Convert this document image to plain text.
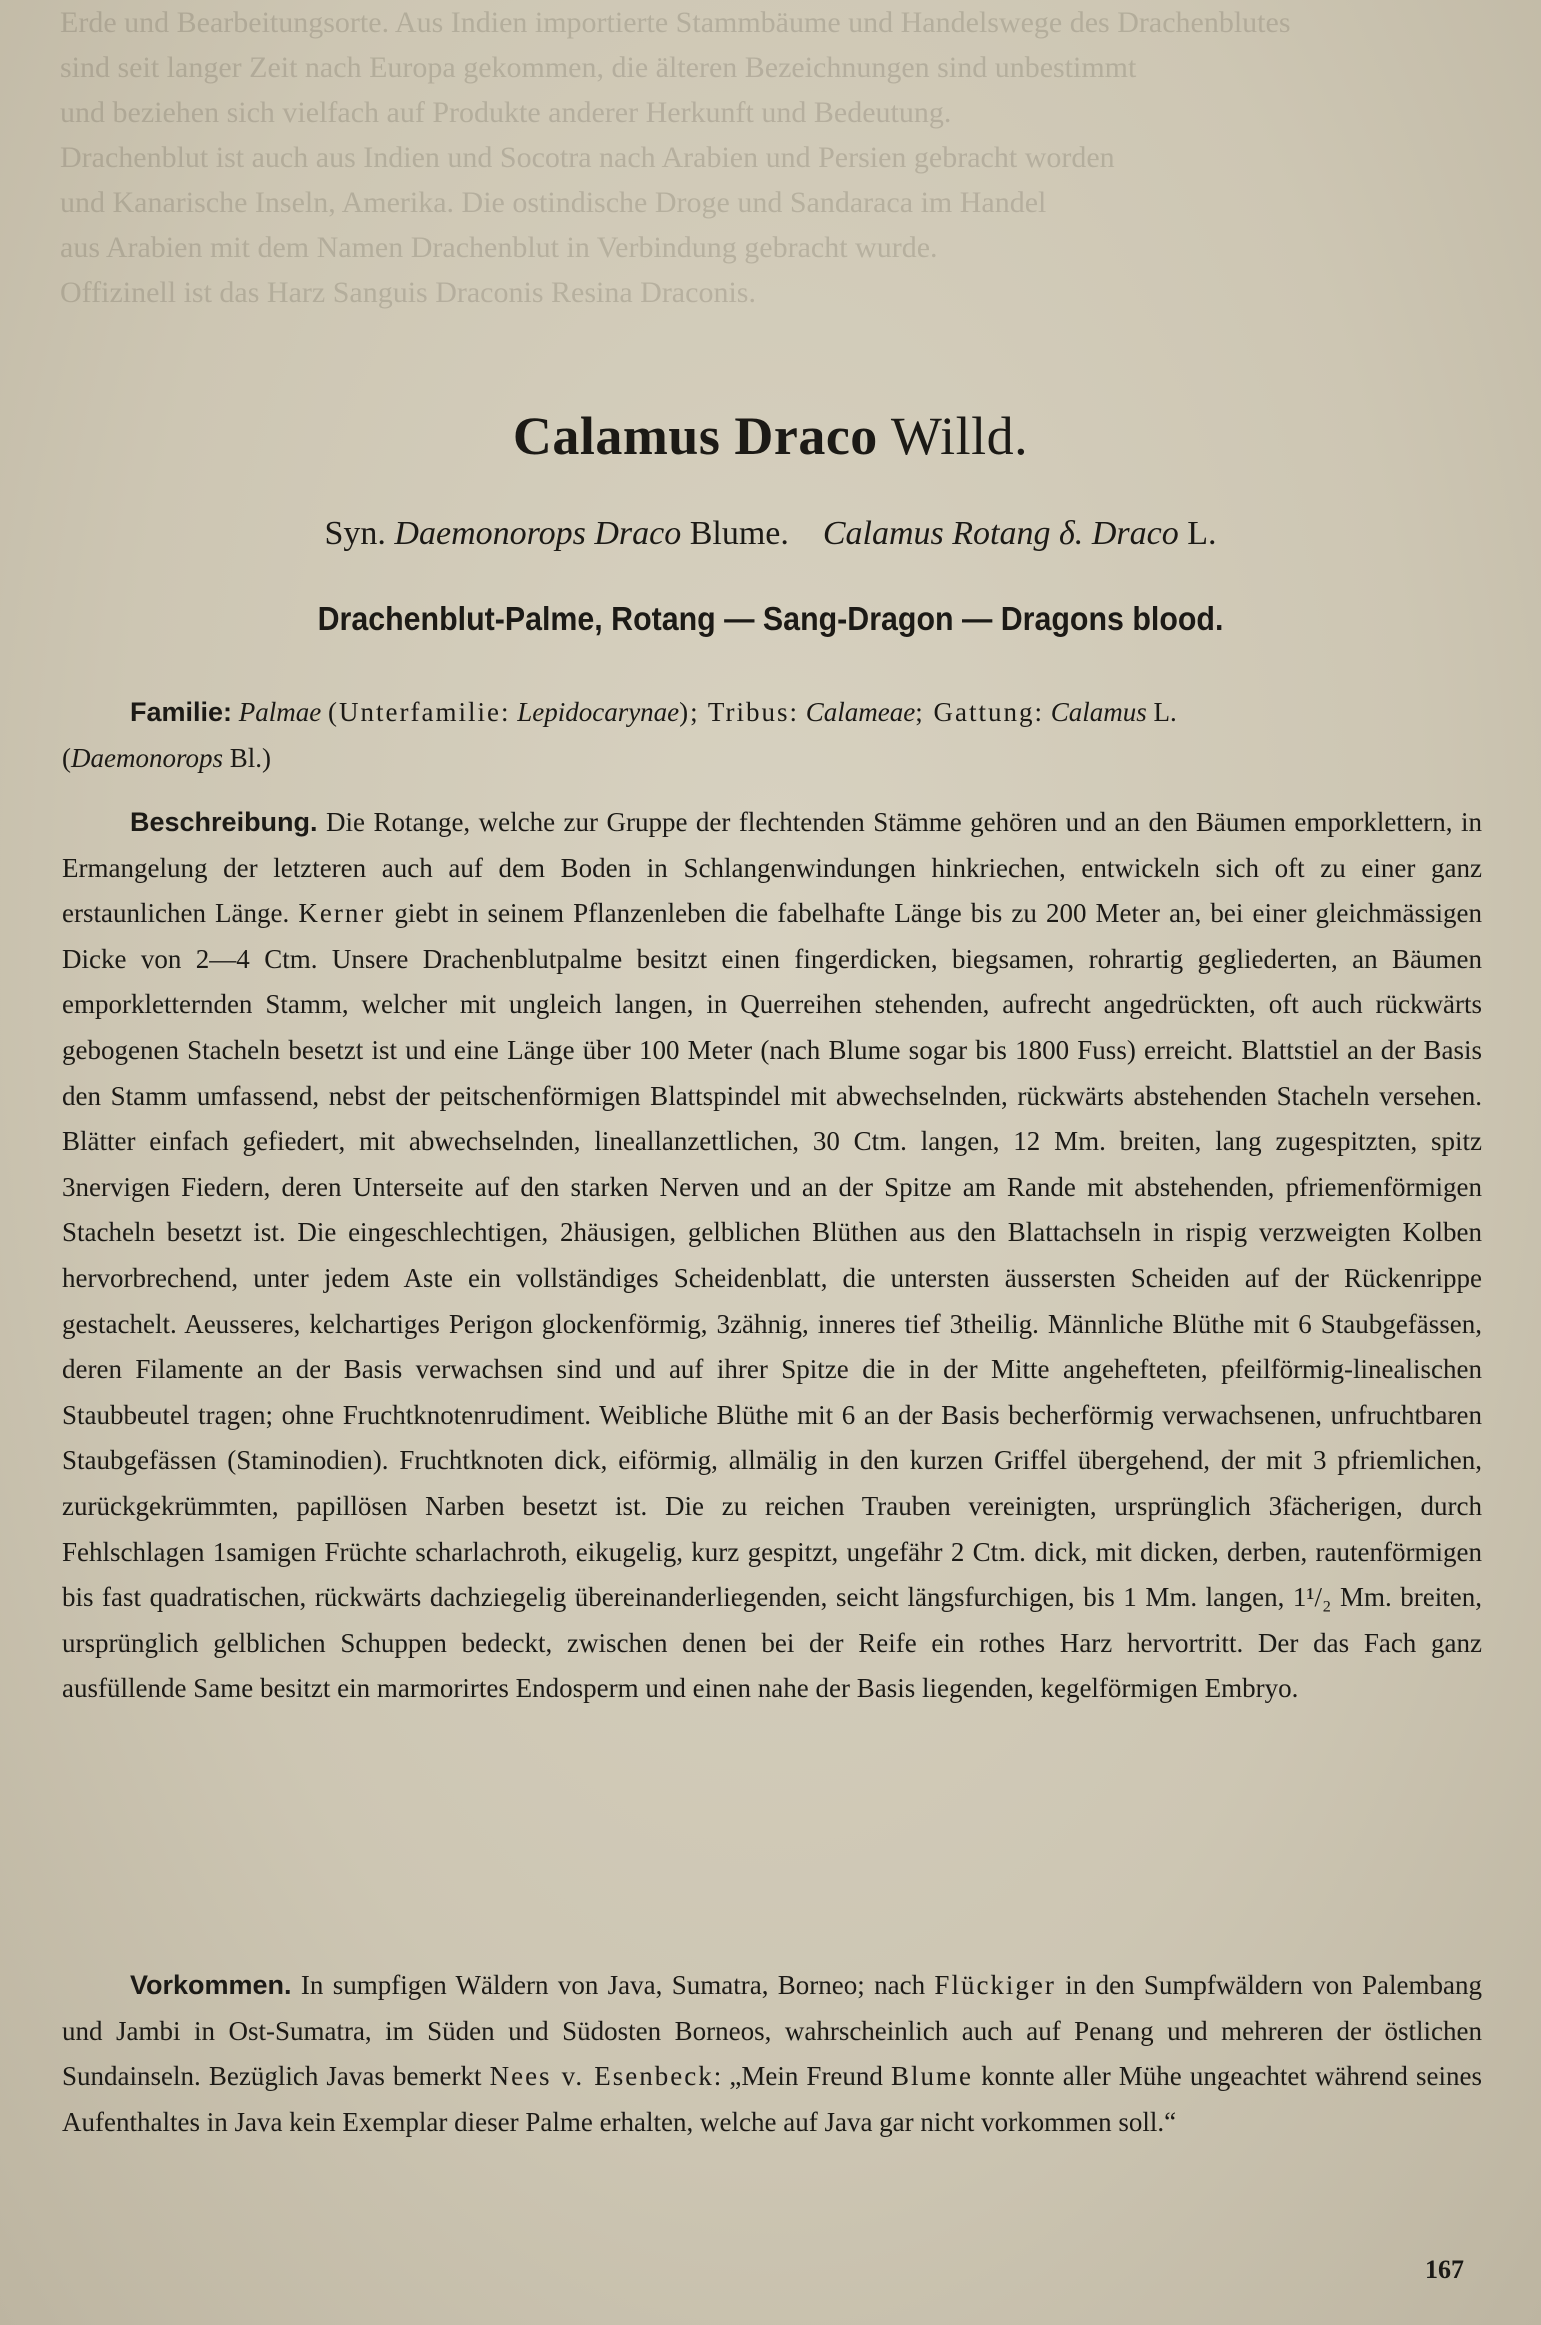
Erde und Bearbeitungsorte. Aus Indien importierte Stammbäume und Handelswege des Drachenblutes
sind seit langer Zeit nach Europa gekommen, die älteren Bezeichnungen sind unbestimmt
und beziehen sich vielfach auf Produkte anderer Herkunft und Bedeutung.
Drachenblut ist auch aus Indien und Socotra nach Arabien und Persien gebracht worden
und Kanarische Inseln, Amerika. Die ostindische Droge und Sandaraca im Handel
aus Arabien mit dem Namen Drachenblut in Verbindung gebracht wurde.
Offizinell ist das Harz Sanguis Draconis Resina Draconis.
Calamus Draco Willd.
Syn. Daemonorops Draco Blume. Calamus Rotang δ. Draco L.
Drachenblut-Palme, Rotang — Sang-Dragon — Dragons blood.
Familie: Palmae (Unterfamilie: Lepidocarynae); Tribus: Calameae; Gattung: Calamus L.
(Daemonorops Bl.)
Beschreibung. Die Rotange, welche zur Gruppe der flechtenden Stämme gehören und an den Bäumen emporklettern, in Ermangelung der letzteren auch auf dem Boden in Schlangenwindungen hinkriechen, entwickeln sich oft zu einer ganz erstaunlichen Länge. Kerner giebt in seinem Pflanzenleben die fabelhafte Länge bis zu 200 Meter an, bei einer gleichmässigen Dicke von 2—4 Ctm. Unsere Drachenblutpalme besitzt einen fingerdicken, biegsamen, rohrartig gegliederten, an Bäumen emporkletternden Stamm, welcher mit ungleich langen, in Querreihen stehenden, aufrecht angedrückten, oft auch rückwärts gebogenen Stacheln besetzt ist und eine Länge über 100 Meter (nach Blume sogar bis 1800 Fuss) erreicht. Blattstiel an der Basis den Stamm umfassend, nebst der peitschenförmigen Blattspindel mit abwechselnden, rückwärts abstehenden Stacheln versehen. Blätter einfach gefiedert, mit abwechselnden, lineallanzettlichen, 30 Ctm. langen, 12 Mm. breiten, lang zugespitzten, spitz 3nervigen Fiedern, deren Unterseite auf den starken Nerven und an der Spitze am Rande mit abstehenden, pfriemenförmigen Stacheln besetzt ist. Die eingeschlechtigen, 2häusigen, gelblichen Blüthen aus den Blattachseln in rispig verzweigten Kolben hervorbrechend, unter jedem Aste ein vollständiges Scheidenblatt, die untersten äussersten Scheiden auf der Rückenrippe gestachelt. Aeusseres, kelchartiges Perigon glockenförmig, 3zähnig, inneres tief 3theilig. Männliche Blüthe mit 6 Staubgefässen, deren Filamente an der Basis verwachsen sind und auf ihrer Spitze die in der Mitte angehefteten, pfeilförmig-linealischen Staubbeutel tragen; ohne Fruchtknotenrudiment. Weibliche Blüthe mit 6 an der Basis becherförmig verwachsenen, unfruchtbaren Staubgefässen (Staminodien). Fruchtknoten dick, eiförmig, allmälig in den kurzen Griffel übergehend, der mit 3 pfriemlichen, zurückgekrümmten, papillösen Narben besetzt ist. Die zu reichen Trauben vereinigten, ursprünglich 3fächerigen, durch Fehlschlagen 1samigen Früchte scharlachroth, eikugelig, kurz gespitzt, ungefähr 2 Ctm. dick, mit dicken, derben, rautenförmigen bis fast quadratischen, rückwärts dachziegelig übereinanderliegenden, seicht längsfurchigen, bis 1 Mm. langen, 1¹/₂ Mm. breiten, ursprünglich gelblichen Schuppen bedeckt, zwischen denen bei der Reife ein rothes Harz hervortritt. Der das Fach ganz ausfüllende Same besitzt ein marmorirtes Endosperm und einen nahe der Basis liegenden, kegelförmigen Embryo.
Vorkommen. In sumpfigen Wäldern von Java, Sumatra, Borneo; nach Flückiger in den Sumpfwäldern von Palembang und Jambi in Ost-Sumatra, im Süden und Südosten Borneos, wahrscheinlich auch auf Penang und mehreren der östlichen Sundainseln. Bezüglich Javas bemerkt Nees v. Esenbeck: „Mein Freund Blume konnte aller Mühe ungeachtet während seines Aufenthaltes in Java kein Exemplar dieser Palme erhalten, welche auf Java gar nicht vorkommen soll.“
167
